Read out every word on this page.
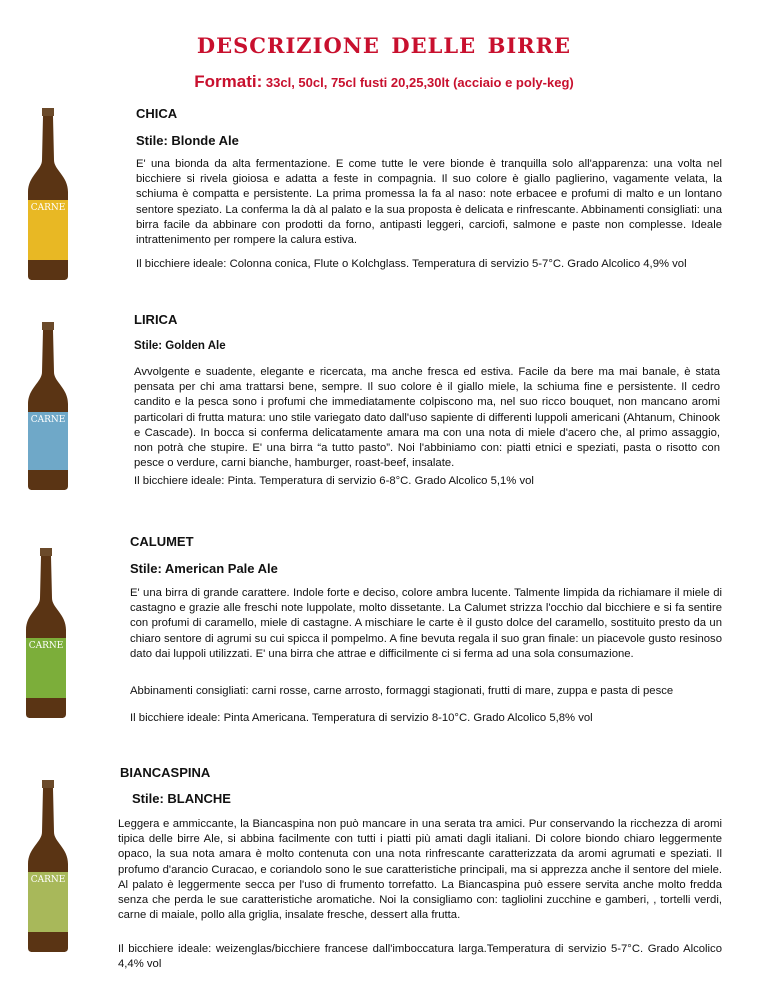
descrizione delle birre
Formati: 33cl, 50cl, 75cl fusti 20,25,30lt (acciaio e poly-keg)
CARNE
CHICA
Stile: Blonde Ale
E' una bionda da alta fermentazione. E come tutte le vere bionde è tranquilla solo all'apparenza: una volta nel bicchiere si rivela gioiosa e adatta a feste in compagnia. Il suo colore è giallo paglierino, vagamente velata, la schiuma è compatta e persistente. La prima promessa la fa al naso: note erbacee e profumi di malto e un lontano sentore speziato. La conferma la dà al palato e la sua proposta è delicata e rinfrescante. Abbinamenti consigliati: una birra facile da abbinare con prodotti da forno, antipasti leggeri, carciofi, salmone e paste non complesse. Ideale intrattenimento per rompere la calura estiva.
Il bicchiere ideale: Colonna conica, Flute o Kolchglass. Temperatura di servizio 5-7°C. Grado Alcolico 4,9% vol
CARNE
LIRICA
Stile: Golden Ale
Avvolgente e suadente, elegante e ricercata, ma anche fresca ed estiva. Facile da bere ma mai banale, è stata pensata per chi ama trattarsi bene, sempre. Il suo colore è il giallo miele, la schiuma fine e persistente. Il cedro candito e la pesca sono i profumi che immediatamente colpiscono ma, nel suo ricco bouquet, non mancano aromi particolari di frutta matura: uno stile variegato dato dall'uso sapiente di differenti luppoli americani (Ahtanum, Chinook e Cascade). In bocca si conferma delicatamente amara ma con una nota di miele d'acero che, al primo assaggio, non potrà che stupire. E' una birra “a tutto pasto”. Noi l'abbiniamo con: piatti etnici e speziati, pasta o risotto con pesce o verdure, carni bianche, hamburger, roast-beef, insalate.
Il bicchiere ideale: Pinta. Temperatura di servizio 6-8°C. Grado Alcolico 5,1% vol
CARNE
CALUMET
Stile: American Pale Ale
E' una birra di grande carattere. Indole forte e deciso, colore ambra lucente. Talmente limpida da richiamare il miele di castagno e grazie alle freschi note luppolate, molto dissetante. La Calumet strizza l'occhio dal bicchiere e si fa sentire con profumi di caramello, miele di castagne. A mischiare le carte è il gusto dolce del caramello, sostituito presto da un chiaro sentore di agrumi su cui spicca il pompelmo. A fine bevuta regala il suo gran finale: un piacevole gusto resinoso dato dai luppoli utilizzati. E' una birra che attrae e difficilmente ci si ferma ad una sola consumazione.
Abbinamenti consigliati: carni rosse, carne arrosto, formaggi stagionati, frutti di mare, zuppa e pasta di pesce
Il bicchiere ideale: Pinta Americana. Temperatura di servizio 8-10°C. Grado Alcolico 5,8% vol
CARNE
BIANCASPINA
Stile: BLANCHE
Leggera e ammiccante, la Biancaspina non può mancare in una serata tra amici. Pur conservando la ricchezza di aromi tipica delle birre Ale, si abbina facilmente con tutti i piatti più amati dagli italiani. Di colore biondo chiaro leggermente opaco, la sua nota amara è molto contenuta con una nota rinfrescante caratterizzata da aromi agrumati e speziati. Il profumo d'arancio Curacao, e coriandolo sono le sue caratteristiche principali, ma si apprezza anche il sentore del miele. Al palato è leggermente secca per l'uso di frumento torrefatto. La Biancaspina può essere servita anche molto fredda senza che perda le sue caratteristiche aromatiche. Noi la consigliamo con: tagliolini zucchine e gamberi, , tortelli verdi, carne di maiale, pollo alla griglia, insalate fresche, dessert alla frutta.
Il bicchiere ideale: weizenglas/bicchiere francese dall'imboccatura larga.Temperatura di servizio 5-7°C. Grado Alcolico 4,4% vol
